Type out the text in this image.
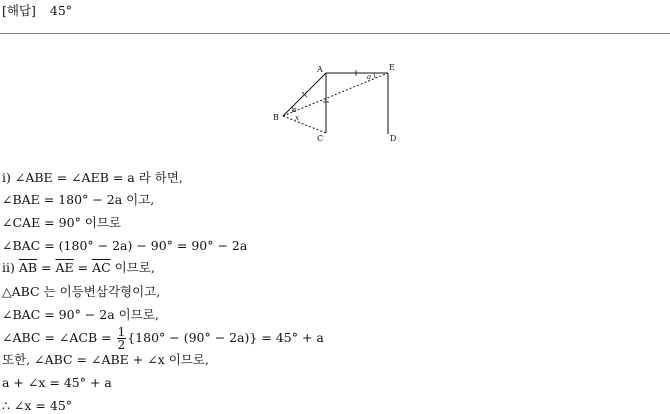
[해답] 45°
A	E
B
C	D
a
a
x
ⅰ) ∠ABE = ∠AEB = a 라 하면,
∠BAE = 180° − 2a 이고,
∠CAE = 90° 이므로
∠BAC = (180° − 2a) − 90° = 90° − 2a
ⅱ) $\overline{AB} = \overline{AE} = \overline{AC}$ 이므로,
△ABC 는 이등변삼각형이고,
∠BAC = 90° − 2a 이므로,
∠ABC = ∠ACB = $\frac{1}{2} \{180^\circ - (90^\circ - 2a)\} = 45^\circ + a$
또한, ∠ABC = ∠ABE + ∠x 이므로,
a + ∠x = 45° + a
∴ ∠x = 45°
